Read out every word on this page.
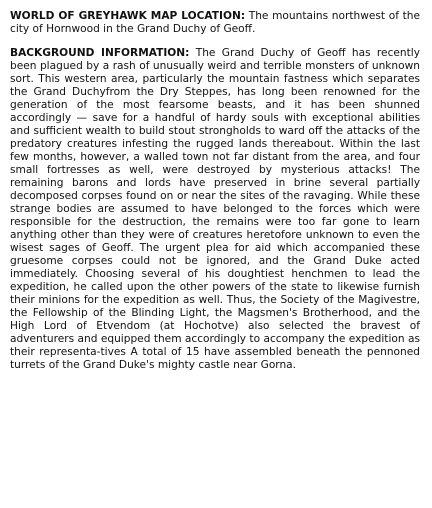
WORLD OF GREYHAWK MAP LOCATION: The mountains northwest of the city of Hornwood in the Grand Duchy of Geoff.

BACKGROUND INFORMATION: The Grand Duchy of Geoff has recently been plagued by a rash of unusually weird and terrible monsters of unknown sort. This western area, particularly the mountain fastness which separates the Grand Duchyfrom the Dry Steppes, has long been renowned for the generation of the most fearsome beasts, and it has been shunned accordingly — save for a handful of hardy souls with exceptional abilities and sufficient wealth to build stout strongholds to ward off the attacks of the predatory creatures infesting the rugged lands thereabout. Within the last few months, however, a walled town not far distant from the area, and four small fortresses as well, were destroyed by mysterious attacks! The remaining barons and lords have preserved in brine several partially decomposed corpses found on or near the sites of the ravaging. While these strange bodies are assumed to have belonged to the forces which were responsible for the destruction, the remains were too far gone to learn anything other than they were of creatures heretofore unknown to even the wisest sages of Geoff. The urgent plea for aid which accompanied these gruesome corpses could not be ignored, and the Grand Duke acted immediately. Choosing several of his doughtiest henchmen to lead the expedition, he called upon the other powers of the state to likewise furnish their minions for the expedition as well. Thus, the Society of the Magivestre, the Fellowship of the Blinding Light, the Magsmen's Brotherhood, and the High Lord of Etvendom (at Hochotve) also selected the bravest of adventurers and equipped them accordingly to accompany the expedition as their representa-tives A total of 15 have assembled beneath the pennoned turrets of the Grand Duke's mighty castle near Gorna.
